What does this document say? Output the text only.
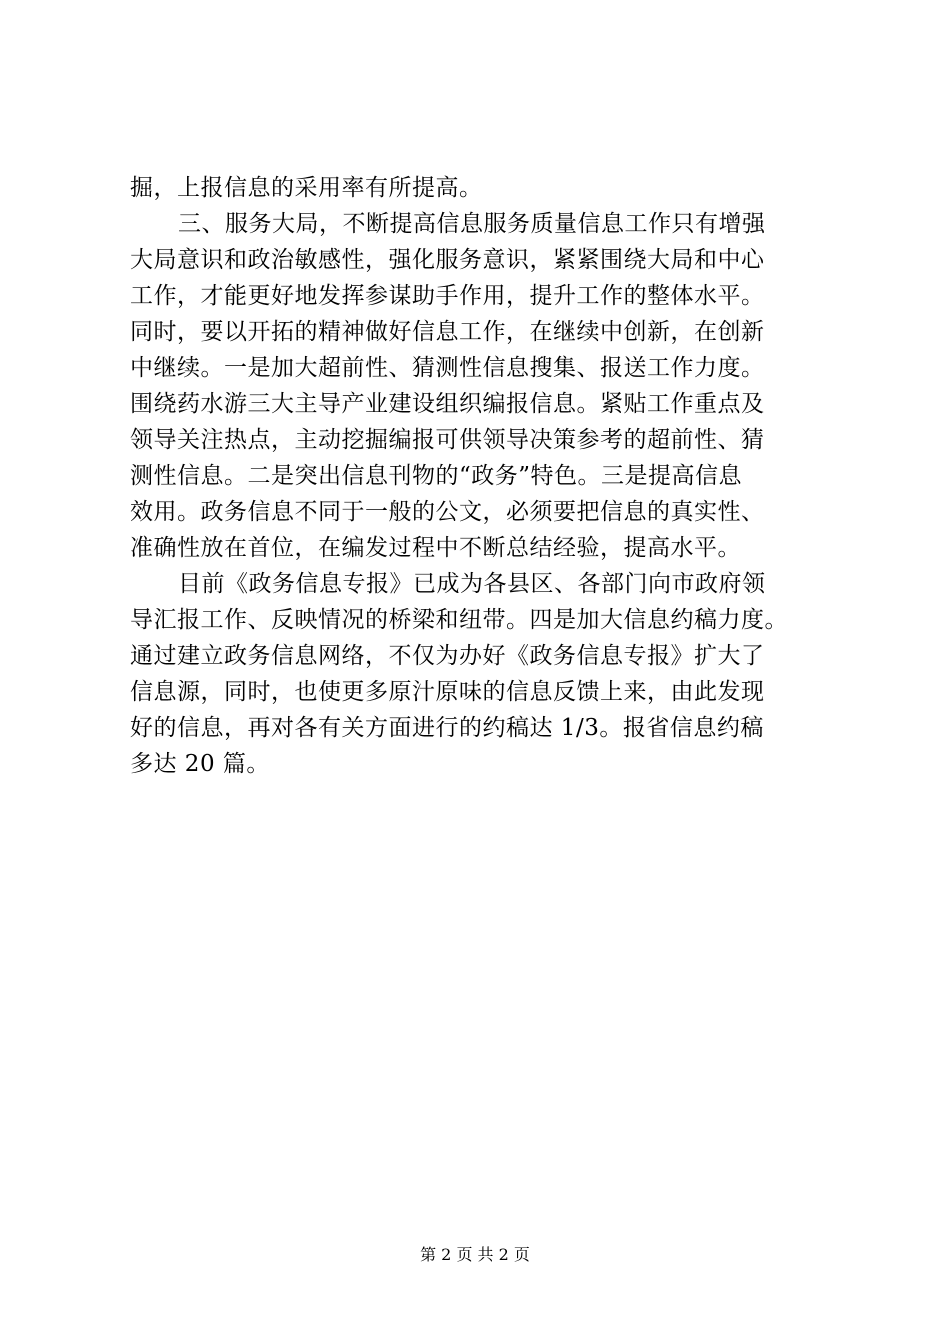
掘，上报信息的采用率有所提高。
三、服务大局，不断提高信息服务质量信息工作只有增强
大局意识和政治敏感性，强化服务意识，紧紧围绕大局和中心
工作，才能更好地发挥参谋助手作用，提升工作的整体水平。
同时，要以开拓的精神做好信息工作，在继续中创新，在创新
中继续。一是加大超前性、猜测性信息搜集、报送工作力度。
围绕药水游三大主导产业建设组织编报信息。紧贴工作重点及
领导关注热点，主动挖掘编报可供领导决策参考的超前性、猜
测性信息。二是突出信息刊物的“政务”特色。三是提高信息
效用。政务信息不同于一般的公文，必须要把信息的真实性、
准确性放在首位，在编发过程中不断总结经验，提高水平。
目前《政务信息专报》已成为各县区、各部门向市政府领
导汇报工作、反映情况的桥梁和纽带。四是加大信息约稿力度。
通过建立政务信息网络，不仅为办好《政务信息专报》扩大了
信息源，同时，也使更多原汁原味的信息反馈上来，由此发现
好的信息，再对各有关方面进行的约稿达 1/3。报省信息约稿
多达 20 篇。
第 2 页 共 2 页
